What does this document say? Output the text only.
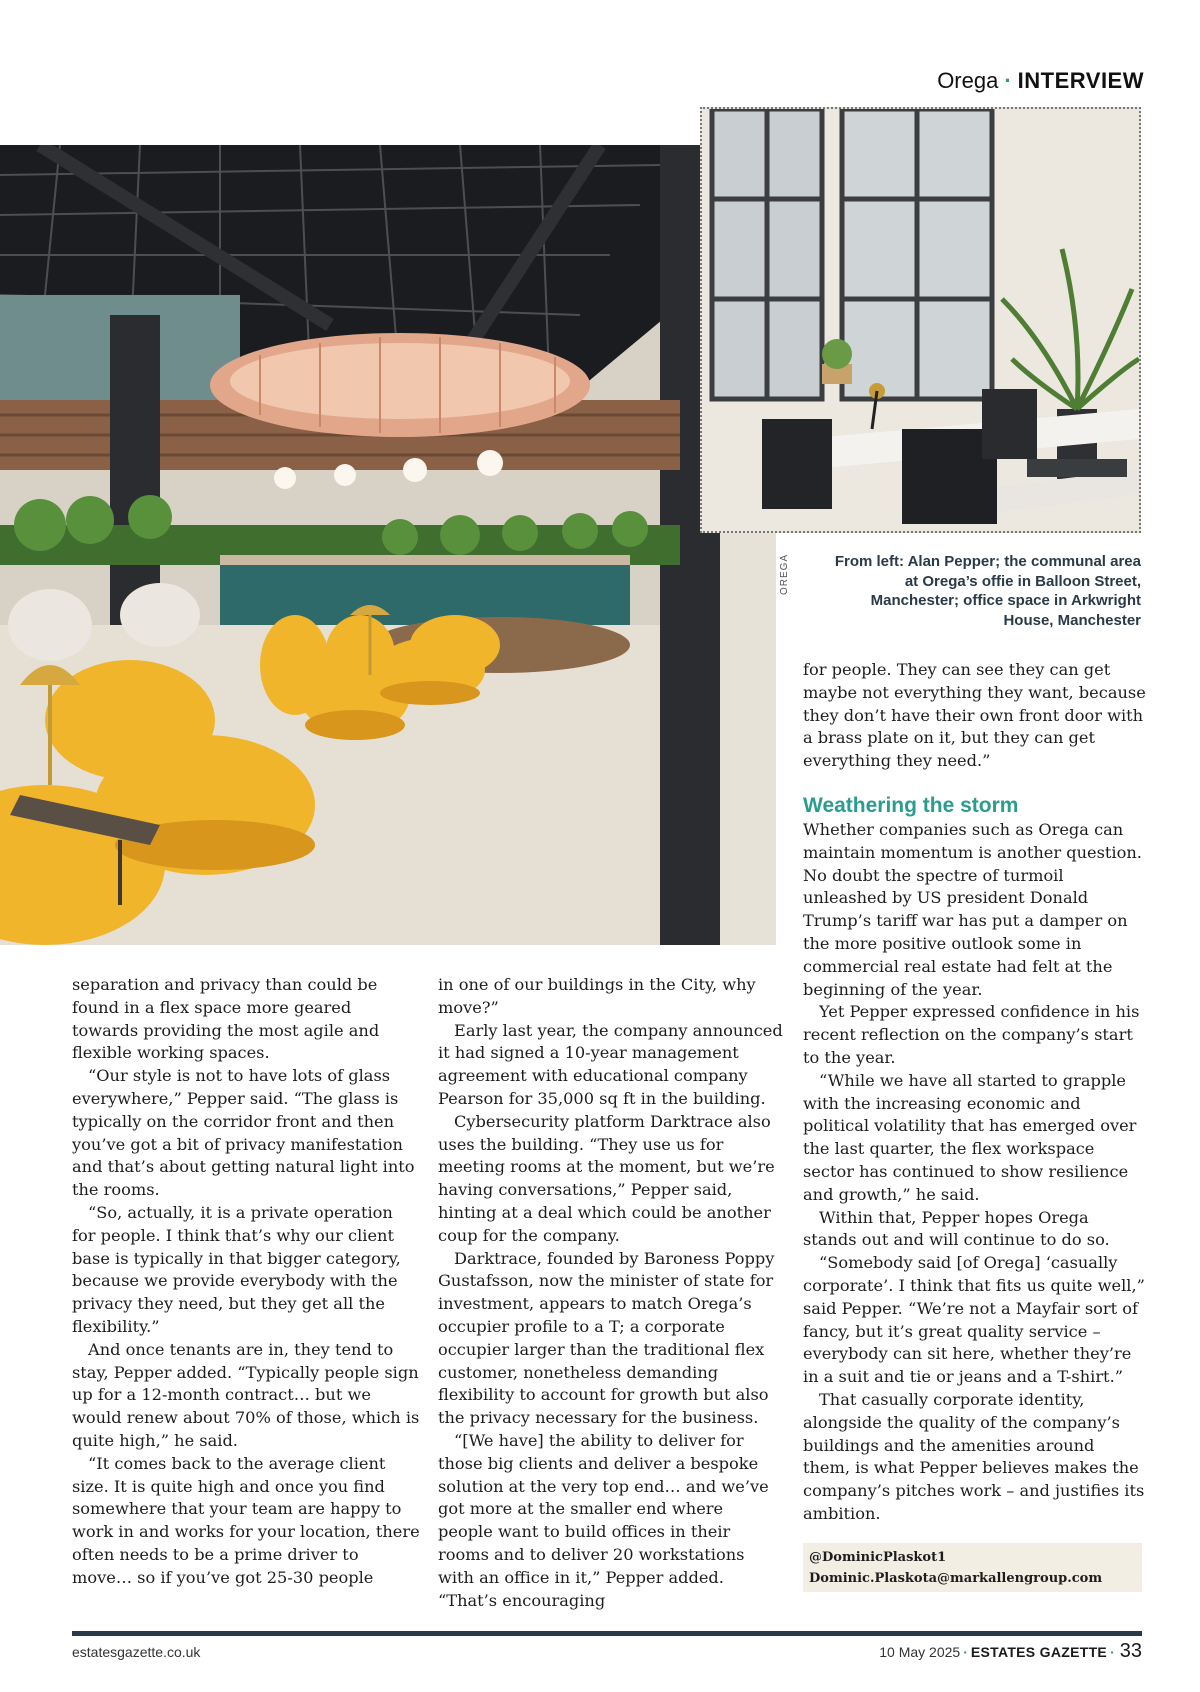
Orega · INTERVIEW
OREGA	From left: Alan Pepper; the communal area at Orega’s offie in Balloon Street, Manchester; office space in Arkwright House, Manchester

separation and privacy than could be found in a flex space more geared towards providing the most agile and flexible working spaces.

“Our style is not to have lots of glass everywhere,” Pepper said. “The glass is typically on the corridor front and then you’ve got a bit of privacy manifestation and that’s about getting natural light into the rooms.

“So, actually, it is a private operation for people. I think that’s why our client base is typically in that bigger category, because we provide everybody with the privacy they need, but they get all the flexibility.”

And once tenants are in, they tend to stay, Pepper added. “Typically people sign up for a 12-month contract… but we would renew about 70% of those, which is quite high,” he said.

“It comes back to the average client size. It is quite high and once you find somewhere that your team are happy to work in and works for your location, there often needs to be a prime driver to move… so if you’ve got 25-30 people

in one of our buildings in the City, why move?”

Early last year, the company announced it had signed a 10-year management agreement with educational company Pearson for 35,000 sq ft in the building.

Cybersecurity platform Darktrace also uses the building. “They use us for meeting rooms at the moment, but we’re having conversations,” Pepper said, hinting at a deal which could be another coup for the company.

Darktrace, founded by Baroness Poppy Gustafsson, now the minister of state for investment, appears to match Orega’s occupier profile to a T; a corporate occupier larger than the traditional flex customer, nonetheless demanding flexibility to account for growth but also the privacy necessary for the business.

“[We have] the ability to deliver for those big clients and deliver a bespoke solution at the very top end… and we’ve got more at the smaller end where people want to build offices in their rooms and to deliver 20 workstations with an office in it,” Pepper added. “That’s encouraging

for people. They can see they can get maybe not everything they want, because they don’t have their own front door with a brass plate on it, but they can get everything they need.”

Weathering the storm

Whether companies such as Orega can maintain momentum is another question. No doubt the spectre of turmoil unleashed by US president Donald Trump’s tariff war has put a damper on the more positive outlook some in commercial real estate had felt at the beginning of the year.

Yet Pepper expressed confidence in his recent reflection on the company’s start to the year.

“While we have all started to grapple with the increasing economic and political volatility that has emerged over the last quarter, the flex workspace sector has continued to show resilience and growth,” he said.

Within that, Pepper hopes Orega stands out and will continue to do so.

“Somebody said [of Orega] ‘casually corporate’. I think that fits us quite well,” said Pepper. “We’re not a Mayfair sort of fancy, but it’s great quality service – everybody can sit here, whether they’re in a suit and tie or jeans and a T-shirt.”

That casually corporate identity, alongside the quality of the company’s buildings and the amenities around them, is what Pepper believes makes the company’s pitches work – and justifies its ambition.

@DominicPlaskot1
Dominic.Plaskota@markallengroup.com
estatesgazette.co.uk	10 May 2025 · ESTATES GAZETTE · 33
